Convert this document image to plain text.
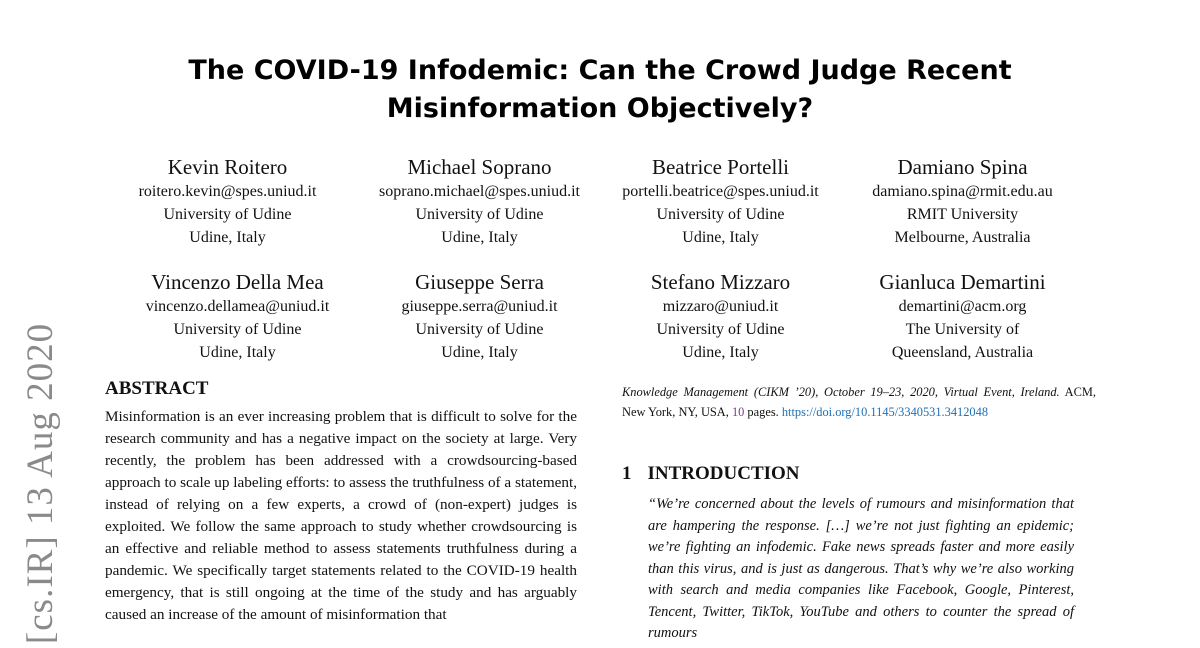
[cs.IR] 13 Aug 2020
The COVID-19 Infodemic: Can the Crowd Judge Recent Misinformation Objectively?
Kevin Roitero
roitero.kevin@spes.uniud.it
University of Udine
Udine, Italy
Michael Soprano
soprano.michael@spes.uniud.it
University of Udine
Udine, Italy
Beatrice Portelli
portelli.beatrice@spes.uniud.it
University of Udine
Udine, Italy
Damiano Spina
damiano.spina@rmit.edu.au
RMIT University
Melbourne, Australia
Vincenzo Della Mea
vincenzo.dellamea@uniud.it
University of Udine
Udine, Italy
Giuseppe Serra
giuseppe.serra@uniud.it
University of Udine
Udine, Italy
Stefano Mizzaro
mizzaro@uniud.it
University of Udine
Udine, Italy
Gianluca Demartini
demartini@acm.org
The University of
Queensland, Australia
ABSTRACT

Misinformation is an ever increasing problem that is difficult to solve for the research community and has a negative impact on the society at large. Very recently, the problem has been addressed with a crowdsourcing-based approach to scale up labeling efforts: to assess the truthfulness of a statement, instead of relying on a few experts, a crowd of (non-expert) judges is exploited. We follow the same approach to study whether crowdsourcing is an effective and reliable method to assess statements truthfulness during a pandemic. We specifically target statements related to the COVID-19 health emergency, that is still ongoing at the time of the study and has arguably caused an increase of the amount of misinformation that

Knowledge Management (CIKM ’20), October 19–23, 2020, Virtual Event, Ireland. ACM, New York, NY, USA, 10 pages. https://doi.org/10.1145/3340531.3412048

1 INTRODUCTION

“We’re concerned about the levels of rumours and misinformation that are hampering the response. […] we’re not just fighting an epidemic; we’re fighting an infodemic. Fake news spreads faster and more easily than this virus, and is just as dangerous. That’s why we’re also working with search and media companies like Facebook, Google, Pinterest, Tencent, Twitter, TikTok, YouTube and others to counter the spread of rumours
